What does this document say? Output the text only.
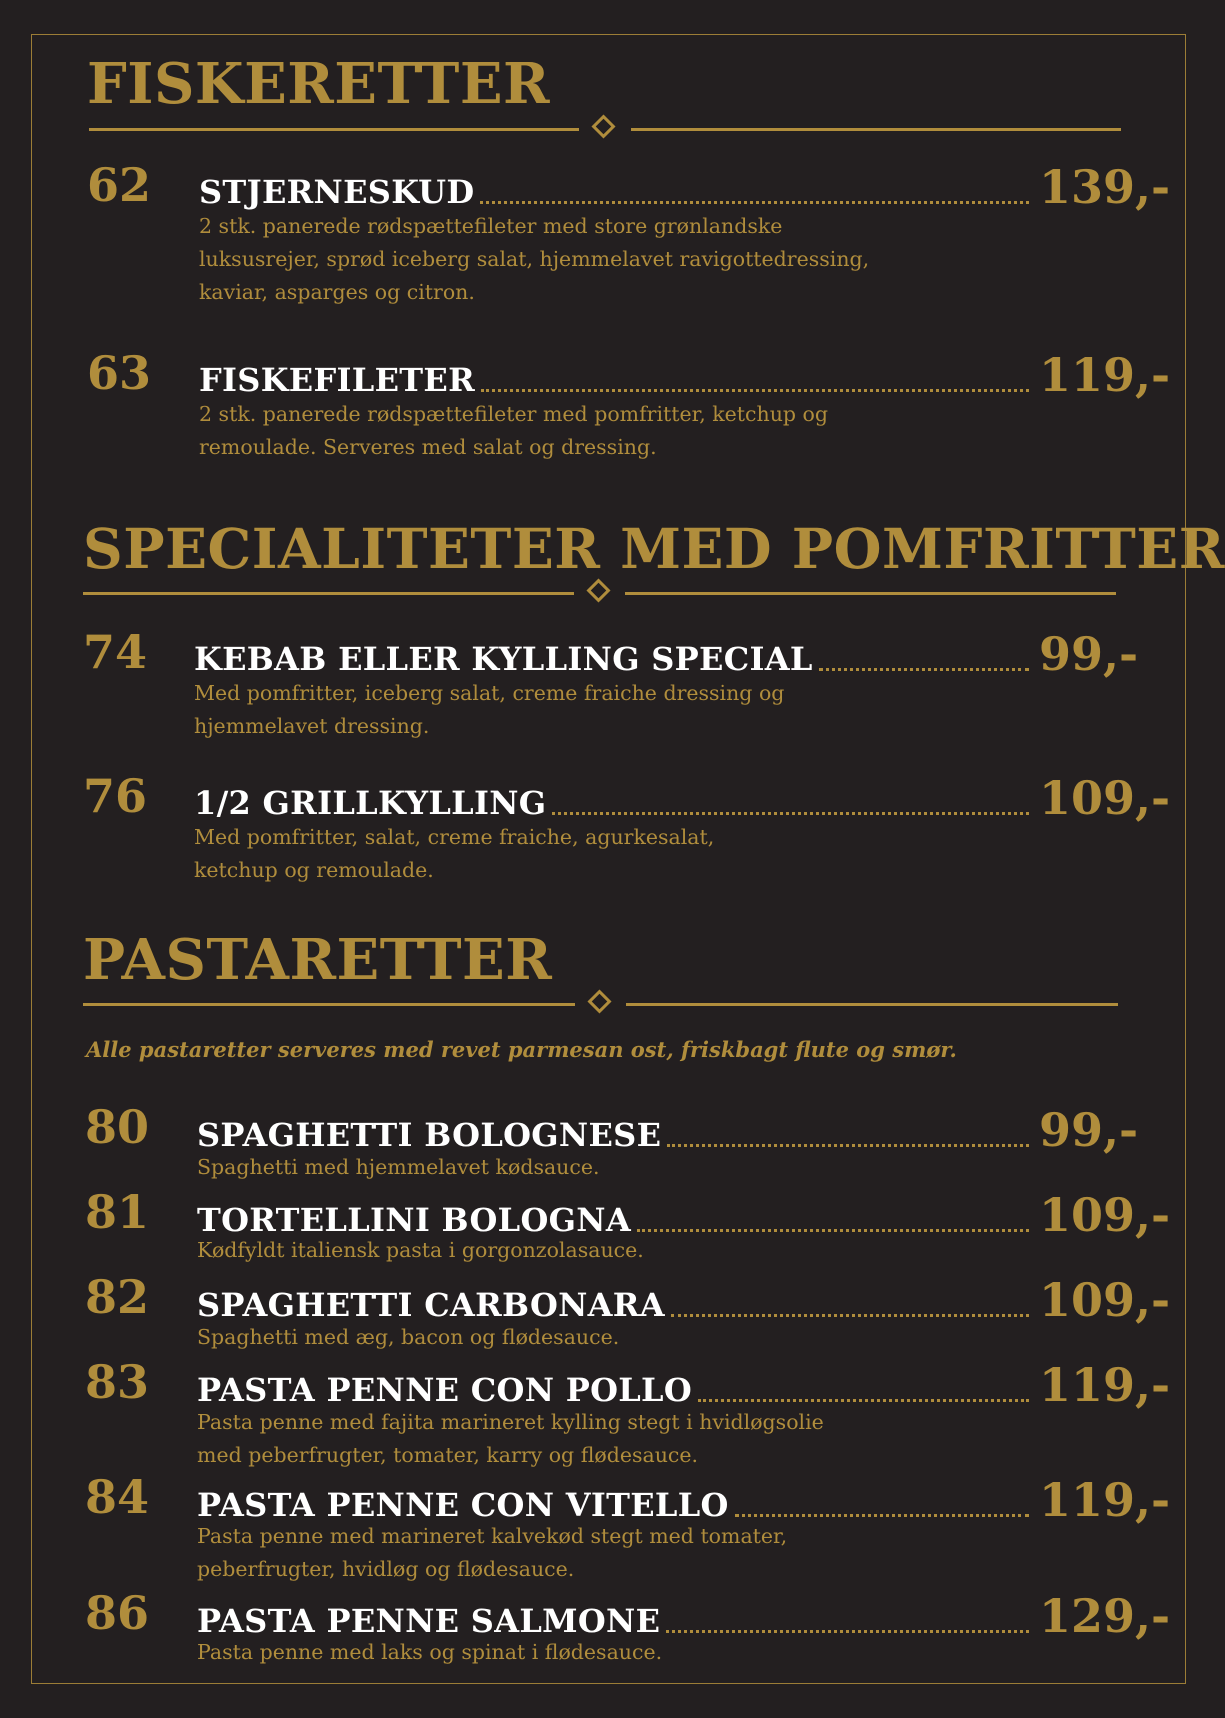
FISKERETTER
62 STJERNESKUD	139,-

2 stk. panerede rødspættefileter med store grønlandske
luksusrejer, sprød iceberg salat, hjemmelavet ravigottedressing,
kaviar, asparges og citron.

63 FISKEFILETER	119,-

2 stk. panerede rødspættefileter med pomfritter, ketchup og
remoulade. Serveres med salat og dressing.

SPECIALITETER MED POMFRITTER
74 KEBAB ELLER KYLLING SPECIAL	99,-

Med pomfritter, iceberg salat, creme fraiche dressing og
hjemmelavet dressing.

76 1/2 GRILLKYLLING	109,-

Med pomfritter, salat, creme fraiche, agurkesalat,
ketchup og remoulade.

PASTARETTER

Alle pastaretter serveres med revet parmesan ost, friskbagt flute og smør.

80 SPAGHETTI BOLOGNESE	99,-

Spaghetti med hjemmelavet kødsauce.

81 TORTELLINI BOLOGNA	109,-

Kødfyldt italiensk pasta i gorgonzolasauce.

82 SPAGHETTI CARBONARA	109,-

Spaghetti med æg, bacon og flødesauce.

83 PASTA PENNE CON POLLO	119,-

Pasta penne med fajita marineret kylling stegt i hvidløgsolie
med peberfrugter, tomater, karry og flødesauce.

84 PASTA PENNE CON VITELLO	119,-

Pasta penne med marineret kalvekød stegt med tomater,
peberfrugter, hvidløg og flødesauce.

86 PASTA PENNE SALMONE	129,-

Pasta penne med laks og spinat i flødesauce.
